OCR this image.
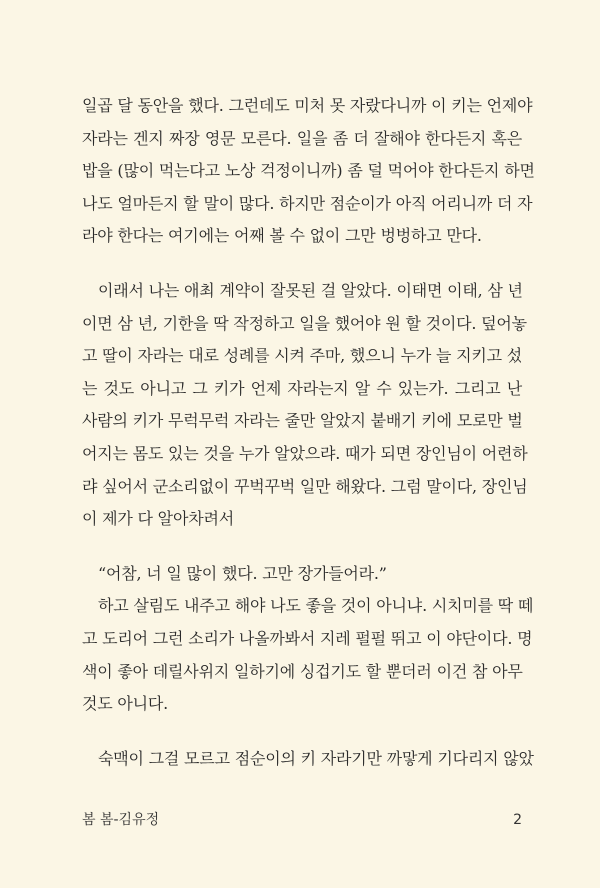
일곱 달 동안을 했다. 그런데도 미처 못 자랐다니까 이 키는 언제야
자라는 겐지 짜장 영문 모른다. 일을 좀 더 잘해야 한다든지 혹은
밥을 (많이 먹는다고 노상 걱정이니까) 좀 덜 먹어야 한다든지 하면
나도 얼마든지 할 말이 많다. 하지만 점순이가 아직 어리니까 더 자
라야 한다는 여기에는 어째 볼 수 없이 그만 벙벙하고 만다.
이래서 나는 애최 계약이 잘못된 걸 알았다. 이태면 이태, 삼 년
이면 삼 년, 기한을 딱 작정하고 일을 했어야 원 할 것이다. 덮어놓
고 딸이 자라는 대로 성례를 시켜 주마, 했으니 누가 늘 지키고 섰
는 것도 아니고 그 키가 언제 자라는지 알 수 있는가. 그리고 난
사람의 키가 무럭무럭 자라는 줄만 알았지 붙배기 키에 모로만 벌
어지는 몸도 있는 것을 누가 알았으랴. 때가 되면 장인님이 어련하
랴 싶어서 군소리없이 꾸벅꾸벅 일만 해왔다. 그럼 말이다, 장인님
이 제가 다 알아차려서
“어참, 너 일 많이 했다. 고만 장가들어라.”
하고 살림도 내주고 해야 나도 좋을 것이 아니냐. 시치미를 딱 떼
고 도리어 그런 소리가 나올까봐서 지레 펄펄 뛰고 이 야단이다. 명
색이 좋아 데릴사위지 일하기에 싱겁기도 할 뿐더러 이건 참 아무
것도 아니다.
숙맥이 그걸 모르고 점순이의 키 자라기만 까맣게 기다리지 않았
봄 봄-김유정	2
